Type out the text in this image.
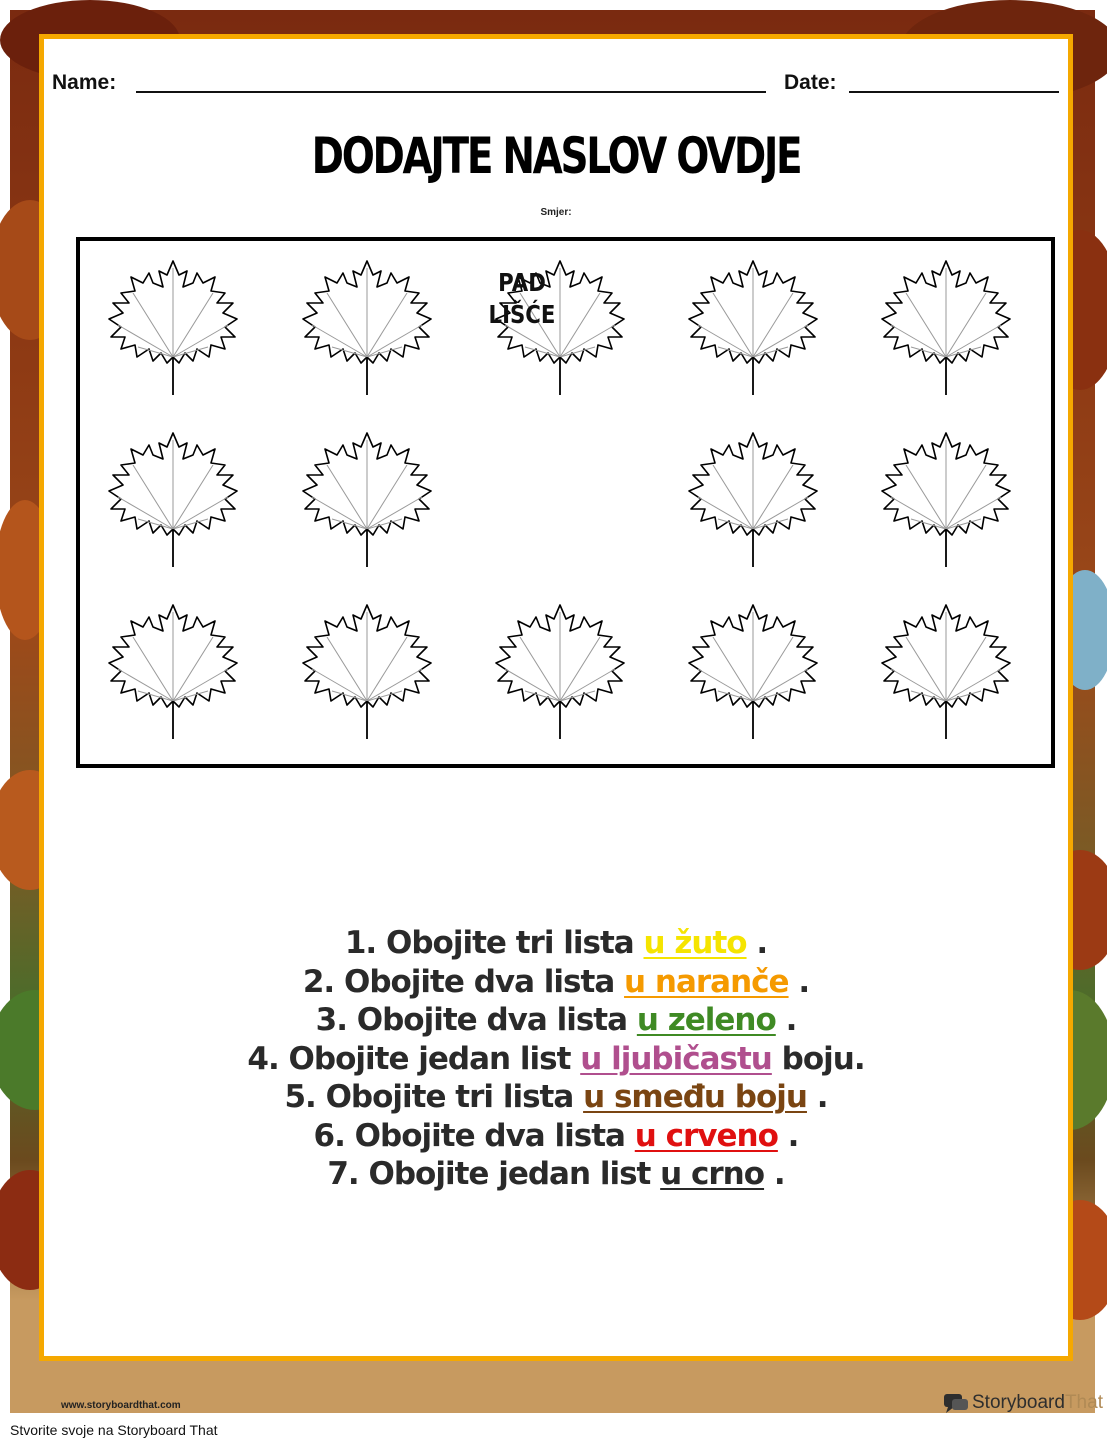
Name:	Date:
DODAJTE NASLOV OVDJE
Smjer:
PAD
LIŠĆE
1. Obojite tri lista u žuto .
2. Obojite dva lista u naranče .
3. Obojite dva lista u zeleno .
4. Obojite jedan list u ljubičastu boju.
5. Obojite tri lista u smeđu boju .
6. Obojite dva lista u crveno .
7. Obojite jedan list u crno .
www.storyboardthat.com	Storyboard That
Stvorite svoje na Storyboard That
